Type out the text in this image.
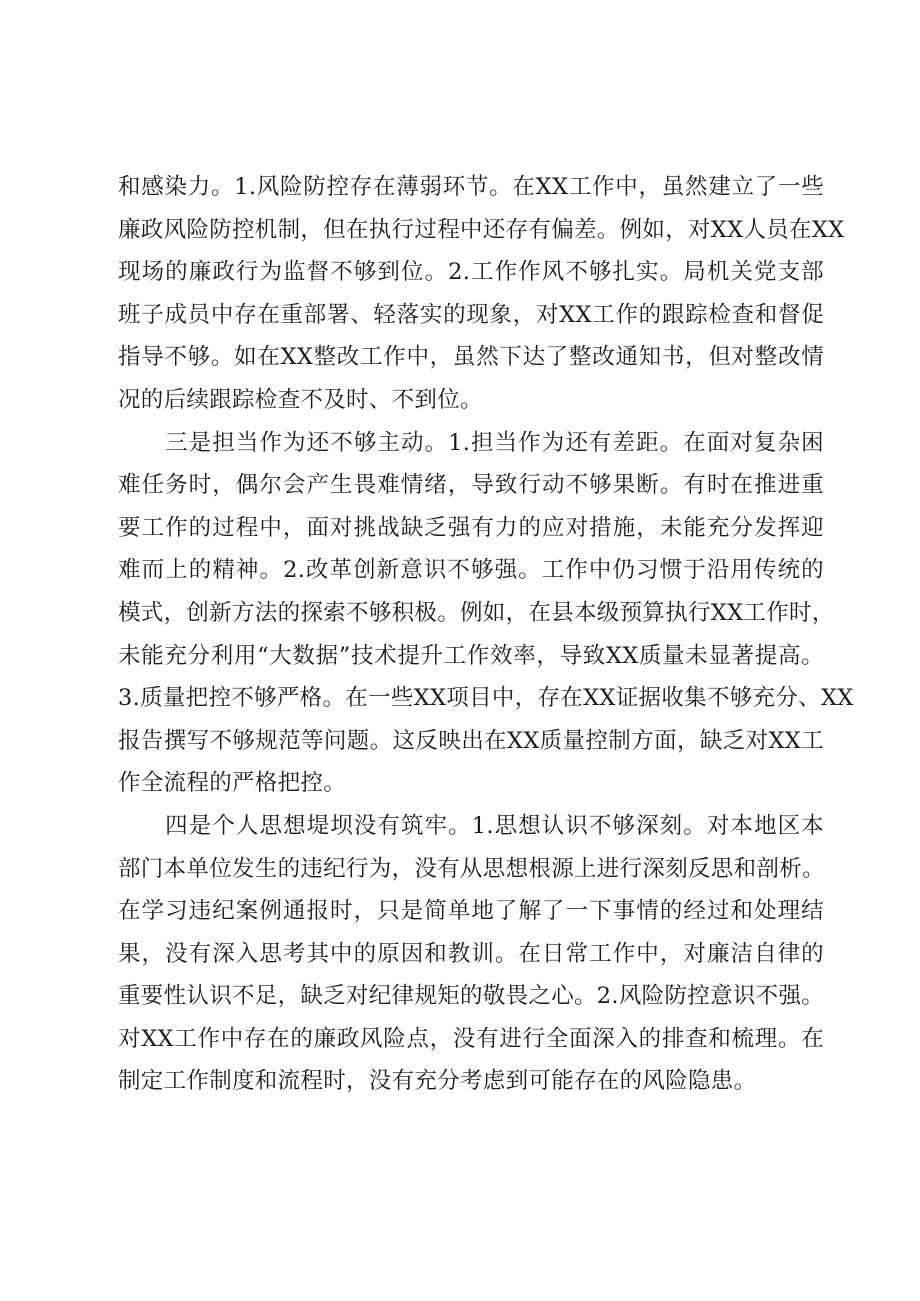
和感染力。1.风险防控存在薄弱环节。在XX工作中，虽然建立了一些
廉政风险防控机制，但在执行过程中还存有偏差。例如，对XX人员在XX
现场的廉政行为监督不够到位。2.工作作风不够扎实。局机关党支部
班子成员中存在重部署、轻落实的现象，对XX工作的跟踪检查和督促
指导不够。如在XX整改工作中，虽然下达了整改通知书，但对整改情
况的后续跟踪检查不及时、不到位。
　　三是担当作为还不够主动。1.担当作为还有差距。在面对复杂困
难任务时，偶尔会产生畏难情绪，导致行动不够果断。有时在推进重
要工作的过程中，面对挑战缺乏强有力的应对措施，未能充分发挥迎
难而上的精神。2.改革创新意识不够强。工作中仍习惯于沿用传统的
模式，创新方法的探索不够积极。例如，在县本级预算执行XX工作时，
未能充分利用“大数据”技术提升工作效率，导致XX质量未显著提高。
3.质量把控不够严格。在一些XX项目中，存在XX证据收集不够充分、XX
报告撰写不够规范等问题。这反映出在XX质量控制方面，缺乏对XX工
作全流程的严格把控。
　　四是个人思想堤坝没有筑牢。1.思想认识不够深刻。对本地区本
部门本单位发生的违纪行为，没有从思想根源上进行深刻反思和剖析。
在学习违纪案例通报时，只是简单地了解了一下事情的经过和处理结
果，没有深入思考其中的原因和教训。在日常工作中，对廉洁自律的
重要性认识不足，缺乏对纪律规矩的敬畏之心。2.风险防控意识不强。
对XX工作中存在的廉政风险点，没有进行全面深入的排查和梳理。在
制定工作制度和流程时，没有充分考虑到可能存在的风险隐患。
